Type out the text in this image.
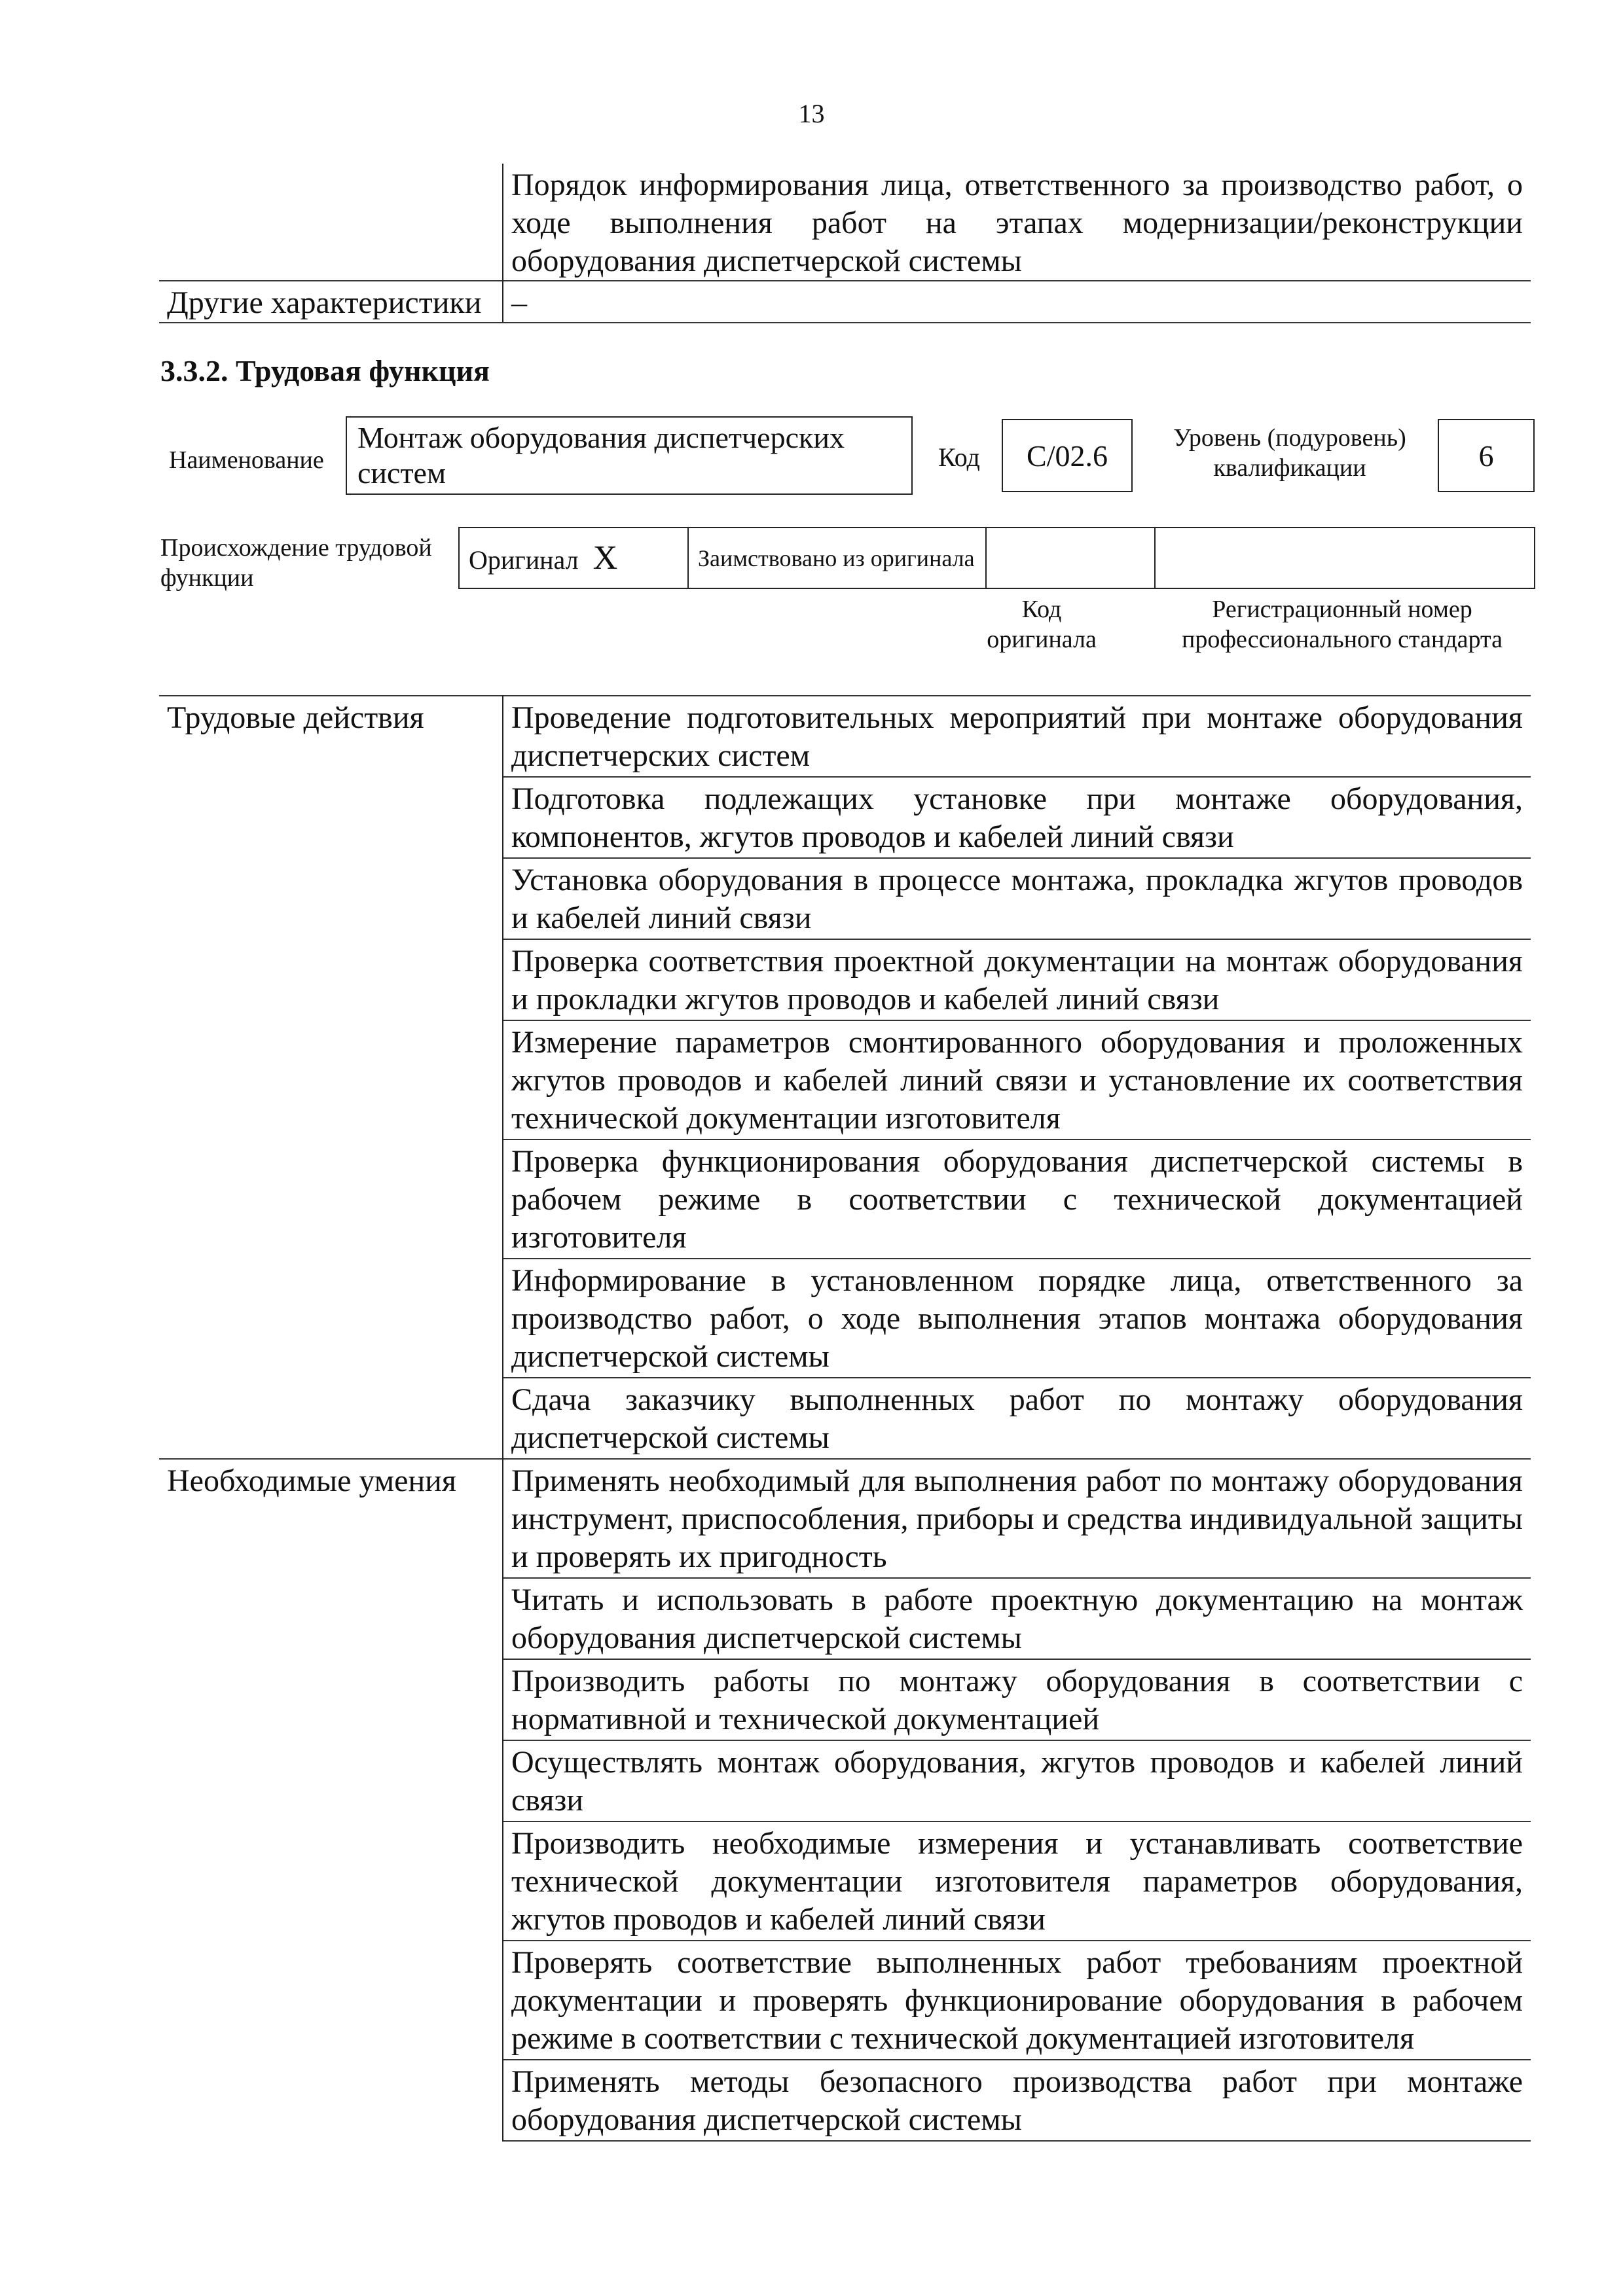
13
	Порядок информирования лица, ответственного за производство работ, о ходе выполнения работ на этапах модернизации/реконструкции оборудования диспетчерской системы
Другие характеристики	–
3.3.2. Трудовая функция
Наименование
Монтаж оборудования диспетчерских систем	Код	С/02.6
Уровень (подуровень) квалификации	6
Происхождение трудовой функции
Оригинал X	Заимствовано из оригинала		
Код оригинала
Регистрационный номер профессионального стандарта
Трудовые действия	Проведение подготовительных мероприятий при монтаже оборудования диспетчерских систем
	Подготовка подлежащих установке при монтаже оборудования, компонентов, жгутов проводов и кабелей линий связи
	Установка оборудования в процессе монтажа, прокладка жгутов проводов и кабелей линий связи
	Проверка соответствия проектной документации на монтаж оборудования и прокладки жгутов проводов и кабелей линий связи
	Измерение параметров смонтированного оборудования и проложенных жгутов проводов и кабелей линий связи и установление их соответствия технической документации изготовителя
	Проверка функционирования оборудования диспетчерской системы в рабочем режиме в соответствии с технической документацией изготовителя
	Информирование в установленном порядке лица, ответственного за производство работ, о ходе выполнения этапов монтажа оборудования диспетчерской системы
	Сдача заказчику выполненных работ по монтажу оборудования диспетчерской системы
Необходимые умения	Применять необходимый для выполнения работ по монтажу оборудования инструмент, приспособления, приборы и средства индивидуальной защиты и проверять их пригодность
	Читать и использовать в работе проектную документацию на монтаж оборудования диспетчерской системы
	Производить работы по монтажу оборудования в соответствии с нормативной и технической документацией
	Осуществлять монтаж оборудования, жгутов проводов и кабелей линий связи
	Производить необходимые измерения и устанавливать соответствие технической документации изготовителя параметров оборудования, жгутов проводов и кабелей линий связи
	Проверять соответствие выполненных работ требованиям проектной документации и проверять функционирование оборудования в рабочем режиме в соответствии с технической документацией изготовителя
	Применять методы безопасного производства работ при монтаже оборудования диспетчерской системы
